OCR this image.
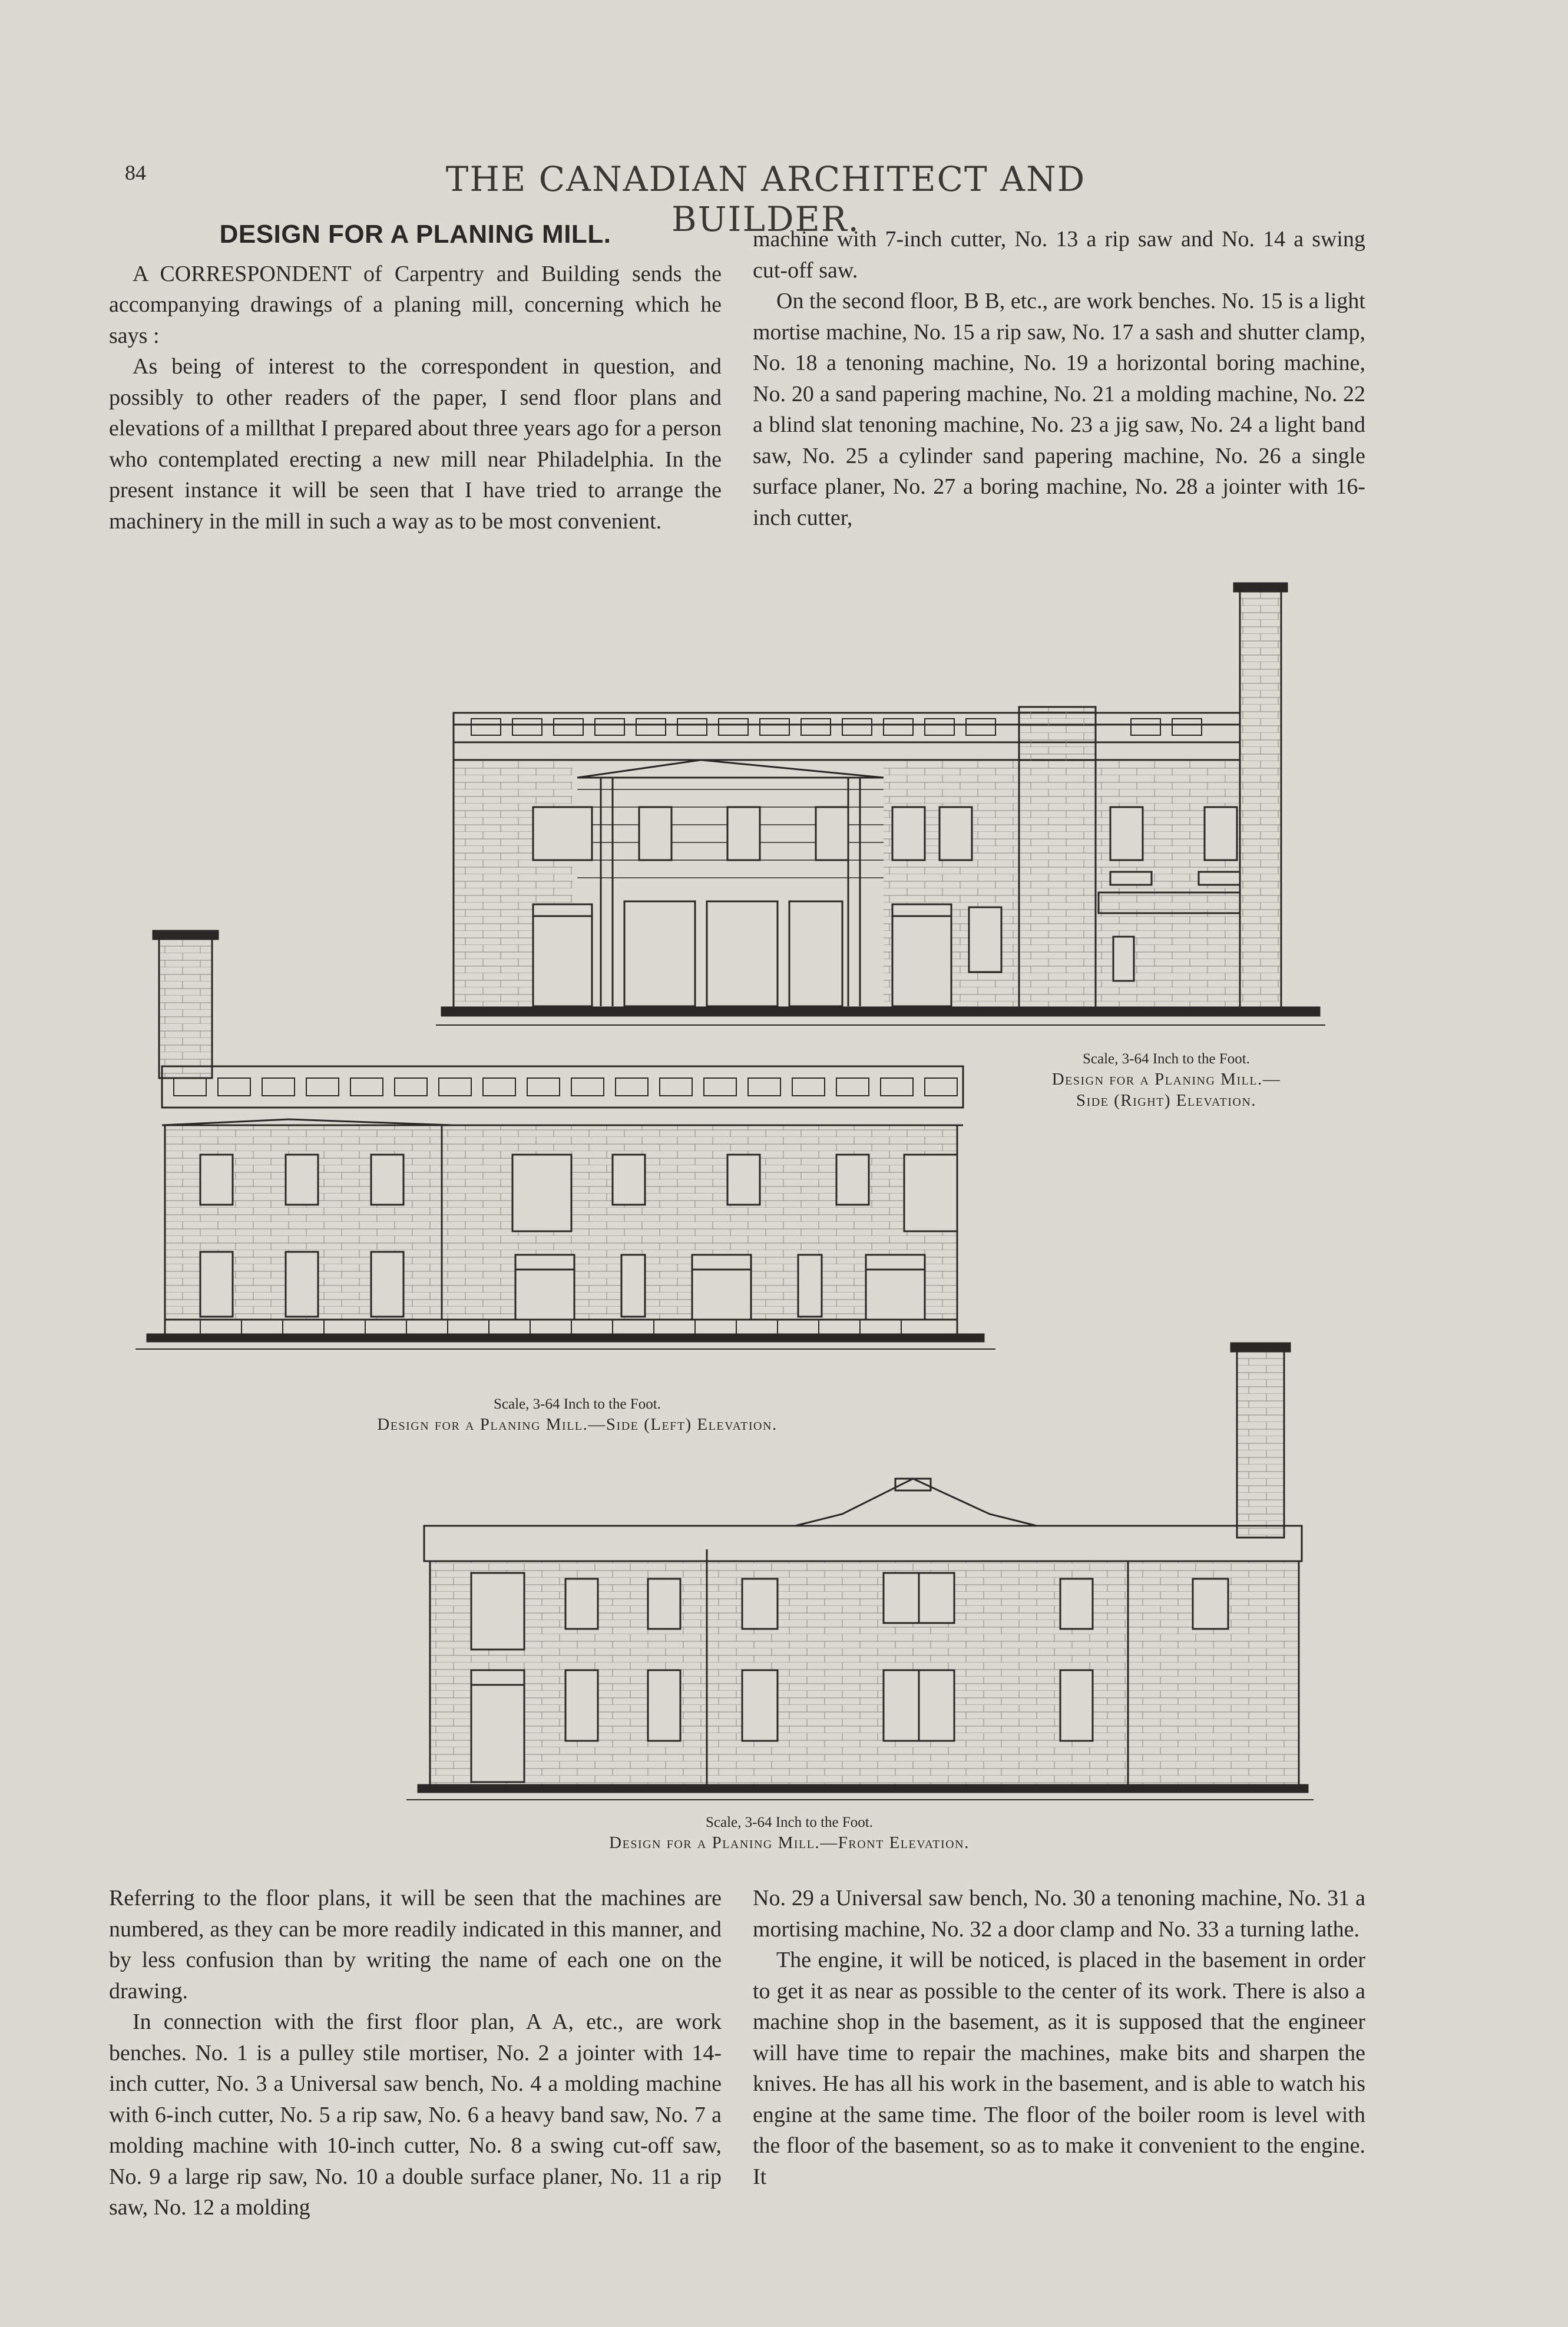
84	THE CANADIAN ARCHITECT AND BUILDER.
DESIGN FOR A PLANING MILL.

A CORRESPONDENT of Carpentry and Building sends the accompanying drawings of a planing mill, concerning which he says :

As being of interest to the correspondent in question, and possibly to other readers of the paper, I send floor plans and elevations of a millthat I prepared about three years ago for a person who contemplated erecting a new mill near Philadelphia. In the present instance it will be seen that I have tried to arrange the machinery in the mill in such a way as to be most convenient.

machine with 7-inch cutter, No. 13 a rip saw and No. 14 a swing cut-off saw.

On the second floor, B B, etc., are work benches. No. 15 is a light mortise machine, No. 15 a rip saw, No. 17 a sash and shutter clamp, No. 18 a tenoning machine, No. 19 a horizontal boring machine, No. 20 a sand papering machine, No. 21 a molding machine, No. 22 a blind slat tenoning machine, No. 23 a jig saw, No. 24 a light band saw, No. 25 a cylinder sand papering machine, No. 26 a single surface planer, No. 27 a boring machine, No. 28 a jointer with 16-inch cutter,

Scale, 3-64 Inch to the Foot.
Design for a Planing Mill.—
Side (Right) Elevation.
Scale, 3-64 Inch to the Foot.
Design for a Planing Mill.—Side (Left) Elevation.
Scale, 3-64 Inch to the Foot.
Design for a Planing Mill.—Front Elevation.

Referring to the floor plans, it will be seen that the machines are numbered, as they can be more readily indicated in this manner, and by less confusion than by writing the name of each one on the drawing.

In connection with the first floor plan, A A, etc., are work benches. No. 1 is a pulley stile mortiser, No. 2 a jointer with 14-inch cutter, No. 3 a Universal saw bench, No. 4 a molding machine with 6-inch cutter, No. 5 a rip saw, No. 6 a heavy band saw, No. 7 a molding machine with 10-inch cutter, No. 8 a swing cut-off saw, No. 9 a large rip saw, No. 10 a double surface planer, No. 11 a rip saw, No. 12 a molding

No. 29 a Universal saw bench, No. 30 a tenoning machine, No. 31 a mortising machine, No. 32 a door clamp and No. 33 a turning lathe.

The engine, it will be noticed, is placed in the basement in order to get it as near as possible to the center of its work. There is also a machine shop in the basement, as it is supposed that the engineer will have time to repair the machines, make bits and sharpen the knives. He has all his work in the basement, and is able to watch his engine at the same time. The floor of the boiler room is level with the floor of the basement, so as to make it convenient to the engine. It
